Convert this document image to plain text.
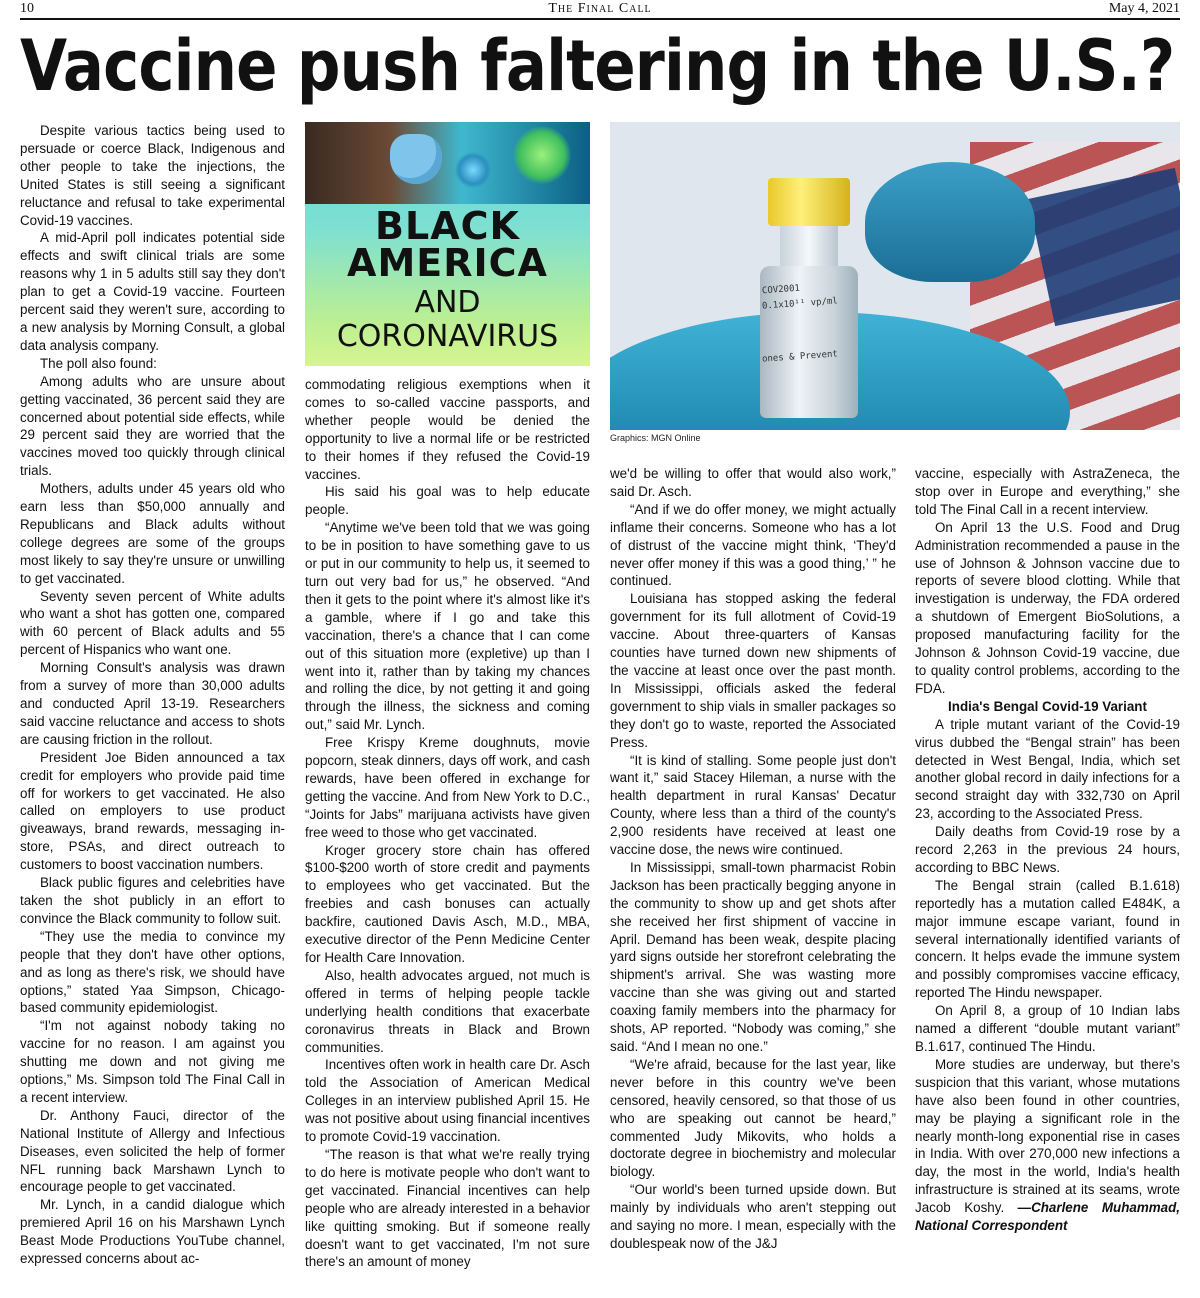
10	The Final Call	May 4, 2021
Vaccine push faltering in the U.S.?

Despite various tactics being used to persuade or coerce Black, Indigenous and other people to take the injections, the United States is still seeing a significant reluctance and refusal to take experimental Covid-19 vaccines.

A mid-April poll indicates potential side effects and swift clinical trials are some reasons why 1 in 5 adults still say they don't plan to get a Covid-19 vaccine. Fourteen percent said they weren't sure, according to a new analysis by Morning Consult, a global data analysis company.

The poll also found:

Among adults who are unsure about getting vaccinated, 36 percent said they are concerned about potential side effects, while 29 percent said they are worried that the vaccines moved too quickly through clinical trials.

Mothers, adults under 45 years old who earn less than $50,000 annually and Republicans and Black adults without college degrees are some of the groups most likely to say they're unsure or unwilling to get vaccinated.

Seventy seven percent of White adults who want a shot has gotten one, compared with 60 percent of Black adults and 55 percent of Hispanics who want one.

Morning Consult's analysis was drawn from a survey of more than 30,000 adults and conducted April 13-19. Researchers said vaccine reluctance and access to shots are causing friction in the rollout.

President Joe Biden announced a tax credit for employers who provide paid time off for workers to get vaccinated. He also called on employers to use product giveaways, brand rewards, messaging in-store, PSAs, and direct outreach to customers to boost vaccination numbers.

Black public figures and celebrities have taken the shot publicly in an effort to convince the Black community to follow suit.

“They use the media to convince my people that they don't have other options, and as long as there's risk, we should have options,” stated Yaa Simpson, Chicago-based community epidemiologist.

“I'm not against nobody taking no vaccine for no reason. I am against you shutting me down and not giving me options,” Ms. Simpson told The Final Call in a recent interview.

Dr. Anthony Fauci, director of the National Institute of Allergy and Infectious Diseases, even solicited the help of former NFL running back Marshawn Lynch to encourage people to get vaccinated.

Mr. Lynch, in a candid dialogue which premiered April 16 on his Marshawn Lynch Beast Mode Productions YouTube channel, expressed concerns about ac-

BLACK
AMERICA
AND
CORONAVIRUS

commodating religious exemptions when it comes to so-called vaccine passports, and whether people would be denied the opportunity to live a normal life or be restricted to their homes if they refused the Covid-19 vaccines.

His said his goal was to help educate people.

“Anytime we've been told that we was going to be in position to have something gave to us or put in our community to help us, it seemed to turn out very bad for us,” he observed. “And then it gets to the point where it's almost like it's a gamble, where if I go and take this vaccination, there's a chance that I can come out of this situation more (expletive) up than I went into it, rather than by taking my chances and rolling the dice, by not getting it and going through the illness, the sickness and coming out,” said Mr. Lynch.

Free Krispy Kreme doughnuts, movie popcorn, steak dinners, days off work, and cash rewards, have been offered in exchange for getting the vaccine. And from New York to D.C., “Joints for Jabs” marijuana activists have given free weed to those who get vaccinated.

Kroger grocery store chain has offered $100-$200 worth of store credit and payments to employees who get vaccinated. But the freebies and cash bonuses can actually backfire, cautioned Davis Asch, M.D., MBA, executive director of the Penn Medicine Center for Health Care Innovation.

Also, health advocates argued, not much is offered in terms of helping people tackle underlying health conditions that exacerbate coronavirus threats in Black and Brown communities.

Incentives often work in health care Dr. Asch told the Association of American Medical Colleges in an interview published April 15. He was not positive about using financial incentives to promote Covid-19 vaccination.

“The reason is that what we're really trying to do here is motivate people who don't want to get vaccinated. Financial incentives can help people who are already interested in a behavior like quitting smoking. But if someone really doesn't want to get vaccinated, I'm not sure there's an amount of money

COV2001
0.1x10¹¹ vp/ml
ones & Prevent
Graphics: MGN Online

we'd be willing to offer that would also work,” said Dr. Asch.

“And if we do offer money, we might actually inflame their concerns. Someone who has a lot of distrust of the vaccine might think, ‘They'd never offer money if this was a good thing,’ ” he continued.

Louisiana has stopped asking the federal government for its full allotment of Covid-19 vaccine. About three-quarters of Kansas counties have turned down new shipments of the vaccine at least once over the past month. In Mississippi, officials asked the federal government to ship vials in smaller packages so they don't go to waste, reported the Associated Press.

“It is kind of stalling. Some people just don't want it,” said Stacey Hileman, a nurse with the health department in rural Kansas' Decatur County, where less than a third of the county's 2,900 residents have received at least one vaccine dose, the news wire continued.

In Mississippi, small-town pharmacist Robin Jackson has been practically begging anyone in the community to show up and get shots after she received her first shipment of vaccine in April. Demand has been weak, despite placing yard signs outside her storefront celebrating the shipment's arrival. She was wasting more vaccine than she was giving out and started coaxing family members into the pharmacy for shots, AP reported. “Nobody was coming,” she said. “And I mean no one.”

“We're afraid, because for the last year, like never before in this country we've been censored, heavily censored, so that those of us who are speaking out cannot be heard,” commented Judy Mikovits, who holds a doctorate degree in biochemistry and molecular biology.

“Our world's been turned upside down. But mainly by individuals who aren't stepping out and saying no more. I mean, especially with the doublespeak now of the J&J

vaccine, especially with AstraZeneca, the stop over in Europe and everything,” she told The Final Call in a recent interview.

On April 13 the U.S. Food and Drug Administration recommended a pause in the use of Johnson & Johnson vaccine due to reports of severe blood clotting. While that investigation is underway, the FDA ordered a shutdown of Emergent BioSolutions, a proposed manufacturing facility for the Johnson & Johnson Covid-19 vaccine, due to quality control problems, according to the FDA.

India's Bengal Covid-19 Variant

A triple mutant variant of the Covid-19 virus dubbed the “Bengal strain” has been detected in West Bengal, India, which set another global record in daily infections for a second straight day with 332,730 on April 23, according to the Associated Press.

Daily deaths from Covid-19 rose by a record 2,263 in the previous 24 hours, according to BBC News.

The Bengal strain (called B.1.618) reportedly has a mutation called E484K, a major immune escape variant, found in several internationally identified variants of concern. It helps evade the immune system and possibly compromises vaccine efficacy, reported The Hindu newspaper.

On April 8, a group of 10 Indian labs named a different “double mutant variant” B.1.617, continued The Hindu.

More studies are underway, but there's suspicion that this variant, whose mutations have also been found in other countries, may be playing a significant role in the nearly month-long exponential rise in cases in India. With over 270,000 new infections a day, the most in the world, India's health infrastructure is strained at its seams, wrote Jacob Koshy. —Charlene Muhammad, National Correspondent
